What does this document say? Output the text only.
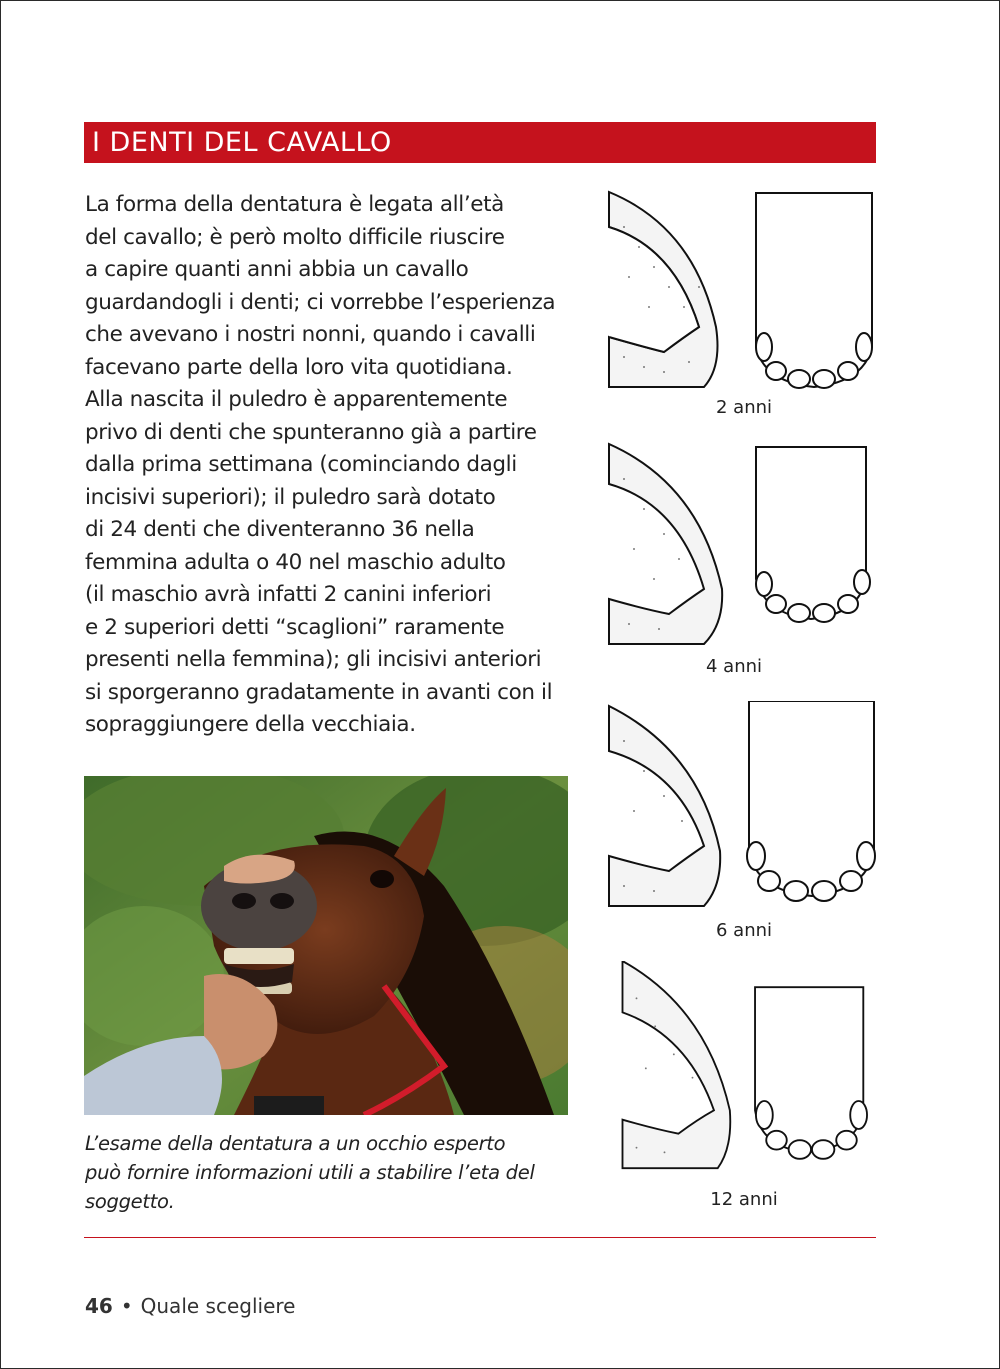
I DENTI DEL CAVALLO
La forma della dentatura è legata all’età
del cavallo; è però molto difficile riuscire
a capire quanti anni abbia un cavallo
guardandogli i denti; ci vorrebbe l’esperienza
che avevano i nostri nonni, quando i cavalli
facevano parte della loro vita quotidiana.
Alla nascita il puledro è apparentemente
privo di denti che spunteranno già a partire
dalla prima settimana (cominciando dagli
incisivi superiori); il puledro sarà dotato
di 24 denti che diventeranno 36 nella
femmina adulta o 40 nel maschio adulto
(il maschio avrà infatti 2 canini inferiori
e 2 superiori detti “scaglioni” raramente
presenti nella femmina); gli incisivi anteriori
si sporgeranno gradatamente in avanti con il
sopraggiungere della vecchiaia.
L’esame della dentatura a un occhio esperto
può fornire informazioni utili a stabilire l’eta del
soggetto.
2 anni
4 anni
6 anni
12 anni
46 • Quale scegliere
